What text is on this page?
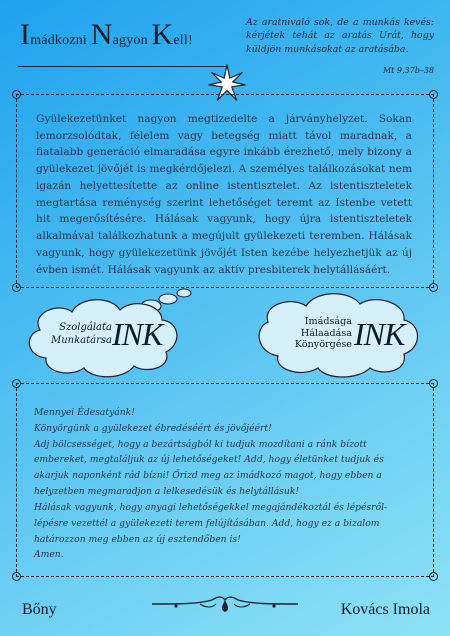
Imádkozni Nagyon Kell!
Az aratnivaló sok, de a munkás kevés: kérjétek tehát az aratás Urát, hogy küldjön munkásokat az aratásába.
Mt 9,37b–38
Gyülekezetünket nagyon megtizedelte a járványhelyzet. Sokan lemorzsolódtak, félelem vagy betegség miatt távol maradnak, a fiatalabb generáció elmaradása egyre inkább érezhető, mely bizony a gyülekezet jövőjét is megkérdőjelezi. A személyes találkozásokat nem igazán helyettesítette az online istentisztelet. Az istentiszteletek megtartása reménység szerint lehetőséget teremt az Istenbe vetett hit megerősítésére. Hálásak vagyunk, hogy újra istentiszteletek alkalmával találkozhatunk a megújult gyülekezeti teremben. Hálásak vagyunk, hogy gyülekezetünk jövőjét Isten kezébe helyezhetjük az új évben ismét. Hálásak vagyunk az aktív presbiterek helytállásáért.
Szolgálata
Munkatársa INK	Imádsága
Hálaadása
Könyörgése INK
Mennyei Édesatyánk!
Könyörgünk a gyülekezet ébredéséért és jövőjéért!
Adj bölcsességet, hogy a bezártságból ki tudjuk mozdítani a ránk bízott embereket, megtaláljuk az új lehetőségeket! Add, hogy életünket tudjuk és akarjuk naponként rád bízni! Őrizd meg az imádkozó magot, hogy ebben a helyzetben megmaradjon a lelkesedésük és helytállásuk!
Hálásak vagyunk, hogy anyagi lehetőségekkel megajándékoztál és lépésről-lépésre vezettél a gyülekezeti terem felújításában. Add, hogy ez a bizalom határozzon meg ebben az új esztendőben is!
Amen.
Bőny	Kovács Imola
